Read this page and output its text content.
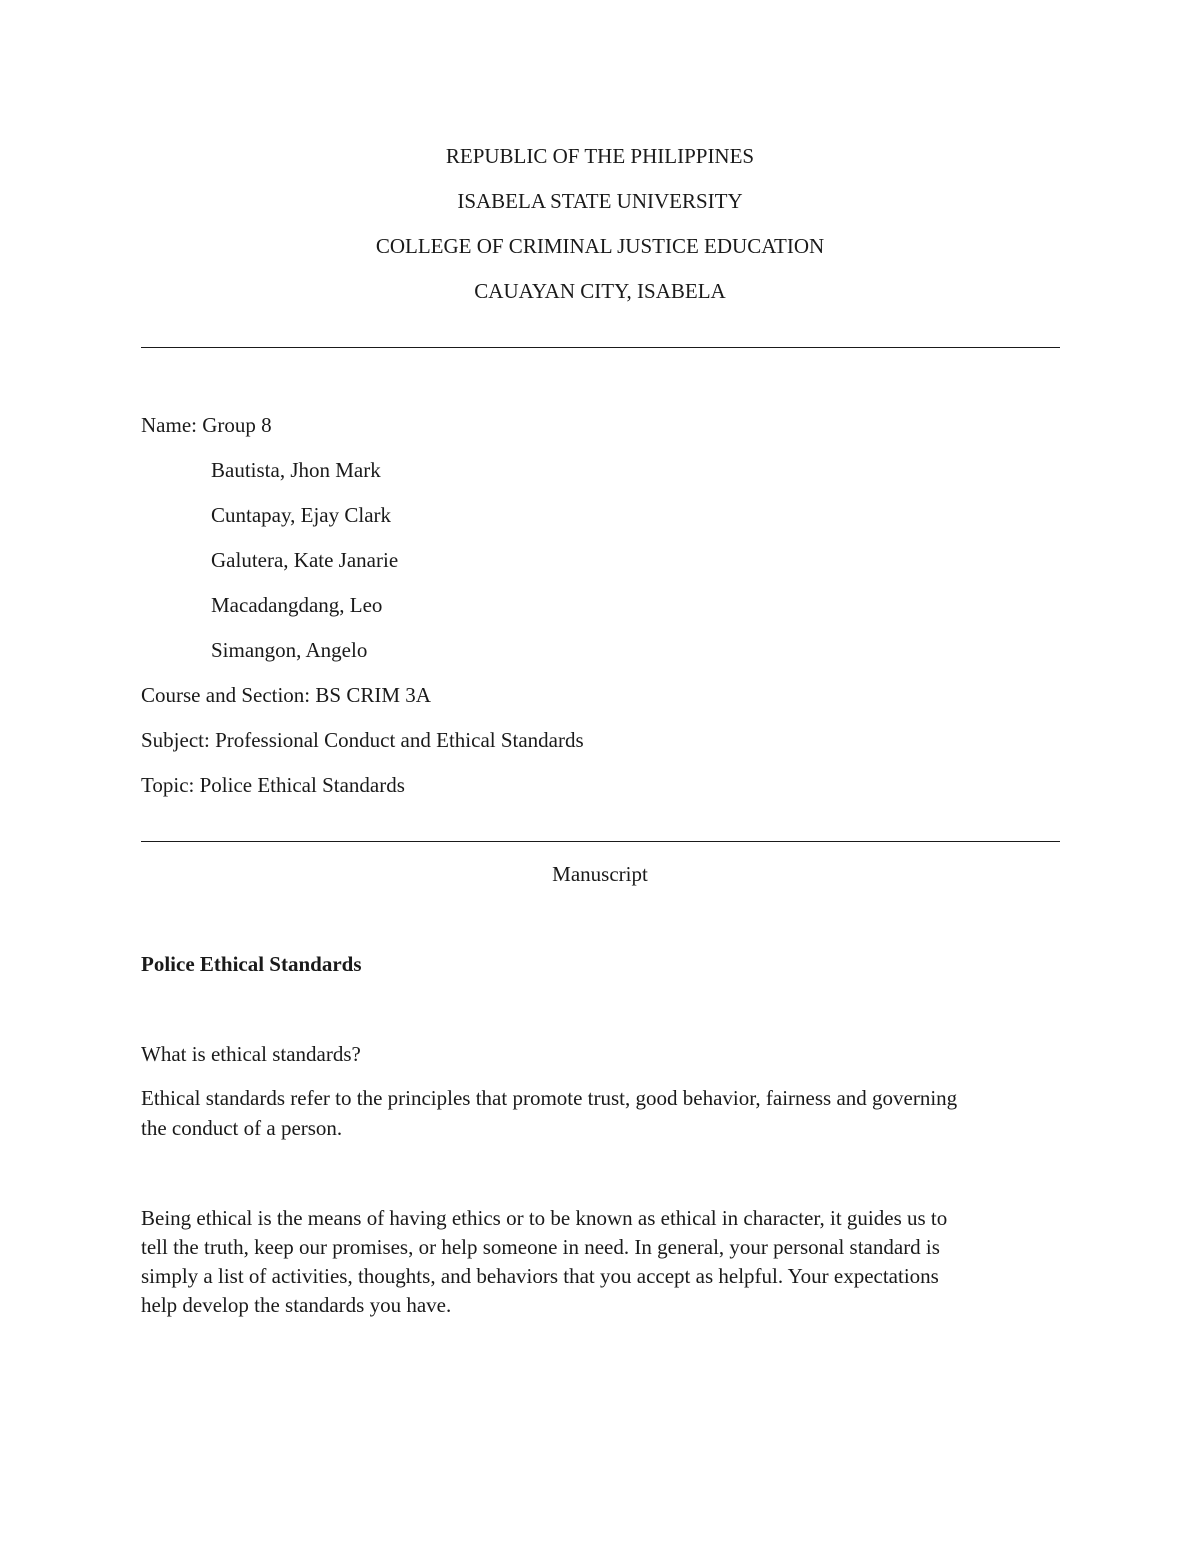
REPUBLIC OF THE PHILIPPINES
ISABELA STATE UNIVERSITY
COLLEGE OF CRIMINAL JUSTICE EDUCATION
CAUAYAN CITY, ISABELA
Name: Group 8
Bautista, Jhon Mark
Cuntapay, Ejay Clark
Galutera, Kate Janarie
Macadangdang, Leo
Simangon, Angelo
Course and Section: BS CRIM 3A
Subject: Professional Conduct and Ethical Standards
Topic: Police Ethical Standards
Manuscript
Police Ethical Standards
What is ethical standards?
Ethical standards refer to the principles that promote trust, good behavior, fairness and governing
the conduct of a person.
Being ethical is the means of having ethics or to be known as ethical in character, it guides us to
tell the truth, keep our promises, or help someone in need. In general, your personal standard is
simply a list of activities, thoughts, and behaviors that you accept as helpful. Your expectations
help develop the standards you have.
